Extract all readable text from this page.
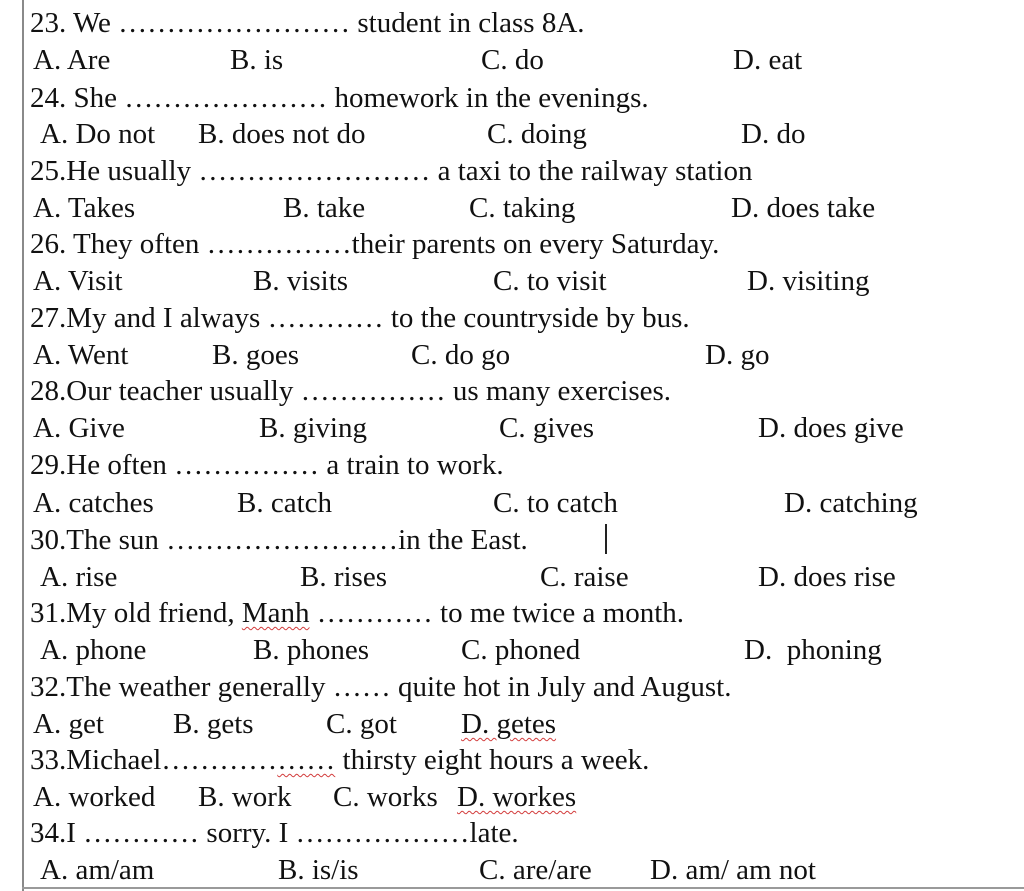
23. We …………………… student in class 8A.
A. Are	B. is	C. do	D. eat
24. She ………………… homework in the evenings.
A. Do not B. does not do	C. doing	D. do
25.He usually …………………… a taxi to the railway station
A. Takes	B. take	C. taking	D. does take
26. They often ……………their parents on every Saturday.
A. Visit	B. visits	C. to visit	D. visiting
27.My and I always ………… to the countryside by bus.
A. Went	B. goes	C. do go	D. go
28.Our teacher usually …………… us many exercises.
A. Give	B. giving	C. gives	D. does give
29.He often …………… a train to work.
A. catches	B. catch	C. to catch	D. catching
30.The sun ……………………in the East.
A. rise	B. rises	C. raise	D. does rise
31.My old friend, Manh ………… to me twice a month.
A. phone	B. phones	C. phoned	D.  phoning
32.The weather generally …… quite hot in July and August.
A. get B. gets C. got D. getes
33.Michael……………… thirsty eight hours a week.
A. worked B. work C. works D. workes
34.I ………… sorry. I ………………late.
A. am/am	B. is/is	C. are/are D. am/ am not
